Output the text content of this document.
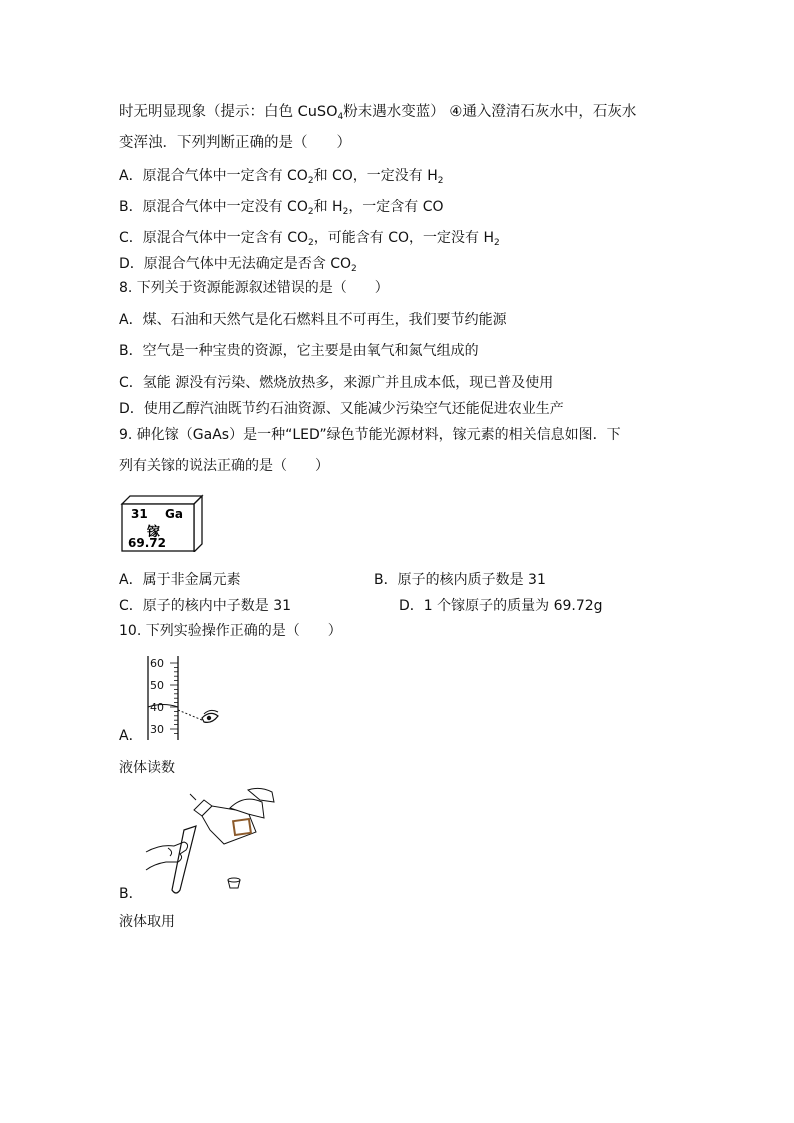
时无明显现象（提示：白色 CuSO$_4$粉末遇水变蓝） ④通入澄清石灰水中，石灰水
变浑浊．下列判断正确的是（　　）
A．原混合气体中一定含有 $CO_2$和 CO，一定没有 $H_2$
B．原混合气体中一定没有 $CO_2$和 $H_2$，一定含有 CO
C．原混合气体中一定含有 $CO_2$，可能含有 CO，一定没有 $H_2$
D．原混合气体中无法确定是否含 $CO_2$
8. 下列关于资源能源叙述错误的是（　　）
A．煤、石油和天然气是化石燃料且不可再生，我们要节约能源
B．空气是一种宝贵的资源，它主要是由氧气和氮气组成的
C．氢能 源没有污染、燃烧放热多，来源广并且成本低，现已普及使用
D．使用乙醇汽油既节约石油资源、又能减少污染空气还能促进农业生产
9. 砷化镓（GaAs）是一种“LED”绿色节能光源材料，镓元素的相关信息如图．下
列有关镓的说法正确的是（　　）
31 Ga
镓
69.72
A．属于非金属元素	B．原子的核内质子数是 31
C．原子的核内中子数是 31	D．1 个镓原子的质量为 69.72g
10. 下列实验操作正确的是（　　）
60
50
40
30
A．
液体读数
B．
液体取用
